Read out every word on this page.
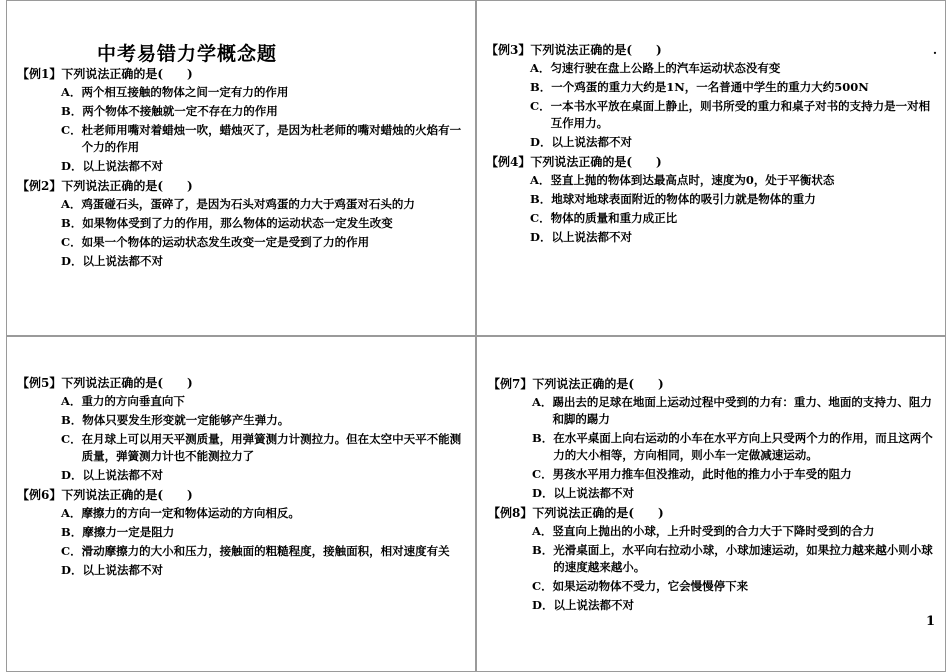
中考易错力学概念题
【例1】下列说法正确的是(　　)
A． 两个相互接触的物体之间一定有力的作用
B． 两个物体不接触就一定不存在力的作用
C． 杜老师用嘴对着蜡烛一吹，蜡烛灭了，是因为杜老师的嘴对蜡烛的火焰有一个力的作用
D． 以上说法都不对
【例2】下列说法正确的是(　　)
A． 鸡蛋碰石头，蛋碎了，是因为石头对鸡蛋的力大于鸡蛋对石头的力
B． 如果物体受到了力的作用，那么物体的运动状态一定发生改变
C． 如果一个物体的运动状态发生改变一定是受到了力的作用
D． 以上说法都不对
.
【例3】下列说法正确的是(　　)
A． 匀速行驶在盘上公路上的汽车运动状态没有变
B． 一个鸡蛋的重力大约是1N，一名普通中学生的重力大约500N
C． 一本书水平放在桌面上静止，则书所受的重力和桌子对书的支持力是一对相互作用力。
D． 以上说法都不对
【例4】下列说法正确的是(　　)
A． 竖直上抛的物体到达最高点时，速度为0，处于平衡状态
B． 地球对地球表面附近的物体的吸引力就是物体的重力
C． 物体的质量和重力成正比
D． 以上说法都不对
【例5】下列说法正确的是(　　)
A． 重力的方向垂直向下
B． 物体只要发生形变就一定能够产生弹力。
C． 在月球上可以用天平测质量，用弹簧测力计测拉力。但在太空中天平不能测质量，弹簧测力计也不能测拉力了
D． 以上说法都不对
【例6】下列说法正确的是(　　)
A． 摩擦力的方向一定和物体运动的方向相反。
B． 摩擦力一定是阻力
C． 滑动摩擦力的大小和压力，接触面的粗糙程度，接触面积，相对速度有关
D． 以上说法都不对
【例7】下列说法正确的是(　　)
A． 踢出去的足球在地面上运动过程中受到的力有：重力、地面的支持力、阻力和脚的踢力
B． 在水平桌面上向右运动的小车在水平方向上只受两个力的作用，而且这两个力的大小相等，方向相同，则小车一定做减速运动。
C． 男孩水平用力推车但没推动，此时他的推力小于车受的阻力
D． 以上说法都不对
【例8】下列说法正确的是(　　)
A． 竖直向上抛出的小球，上升时受到的合力大于下降时受到的合力
B． 光滑桌面上，水平向右拉动小球，小球加速运动，如果拉力越来越小则小球的速度越来越小。
C． 如果运动物体不受力，它会慢慢停下来
D． 以上说法都不对
1
